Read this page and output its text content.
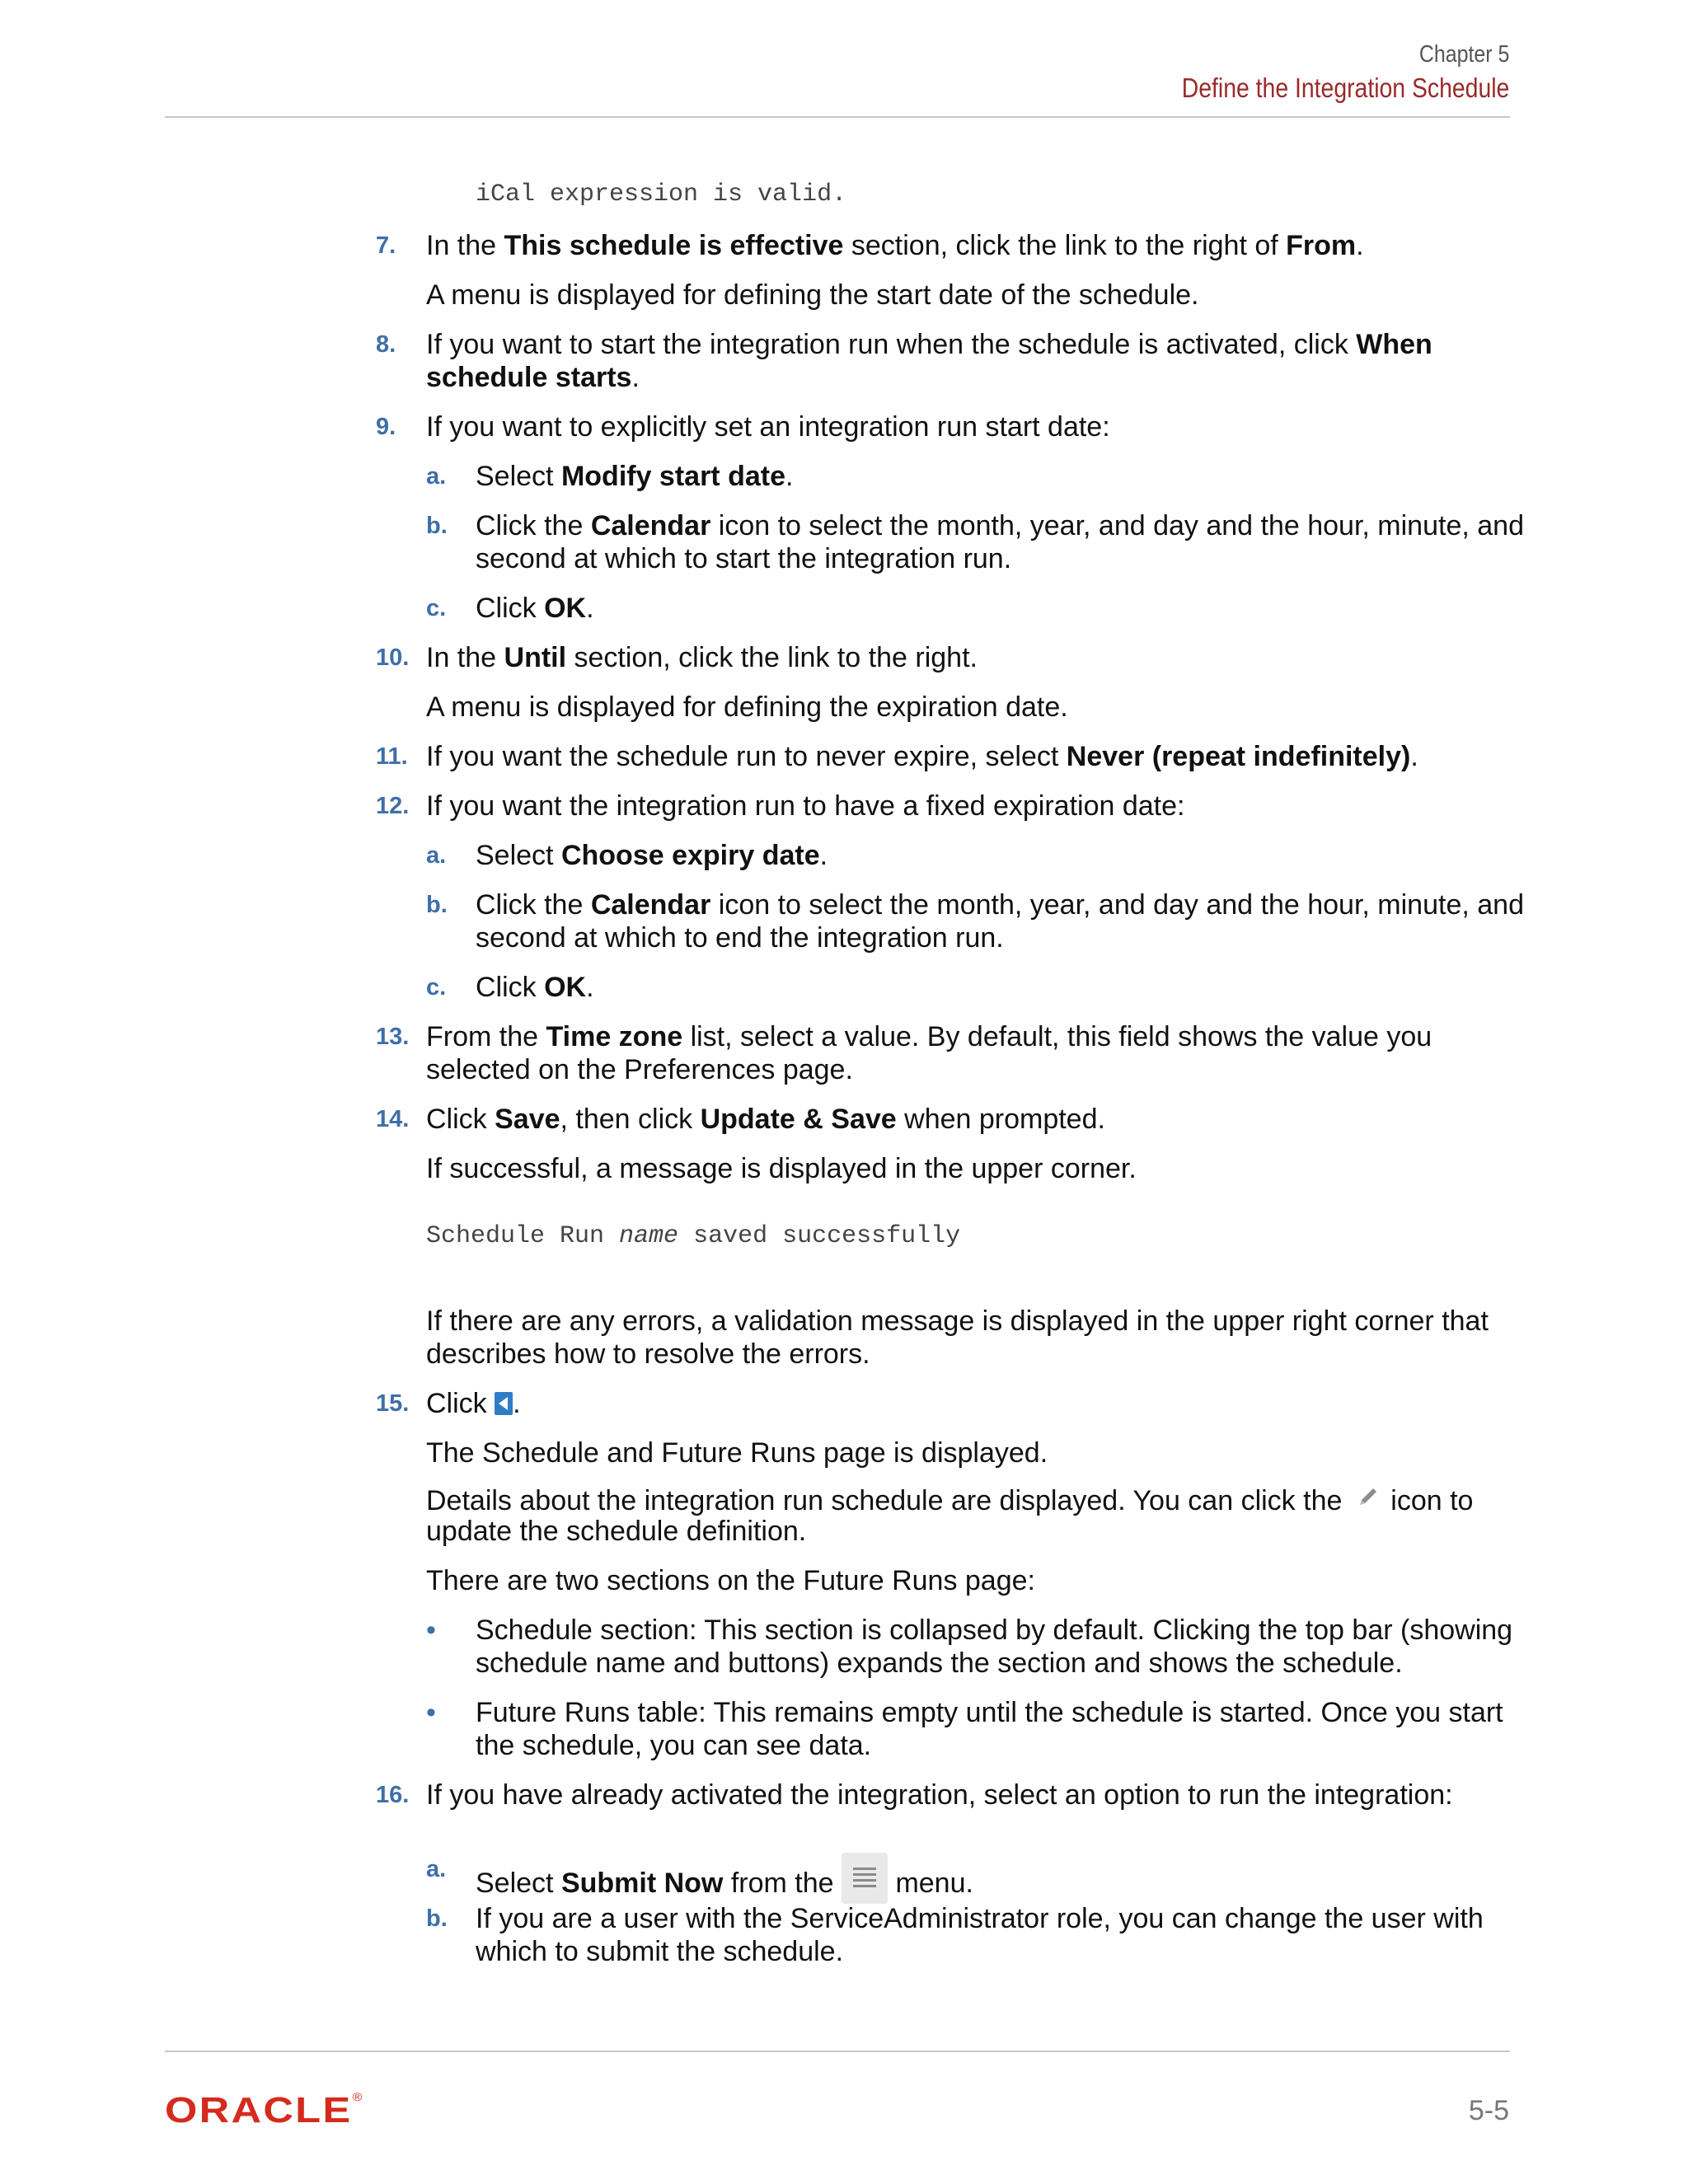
Chapter 5
Define the Integration Schedule
iCal expression is valid.
7. In the This schedule is effective section, click the link to the right of From.
A menu is displayed for defining the start date of the schedule.
8. If you want to start the integration run when the schedule is activated, click When
schedule starts.
9. If you want to explicitly set an integration run start date:
a. Select Modify start date.
b. Click the Calendar icon to select the month, year, and day and the hour, minute, and
second at which to start the integration run.
c. Click OK.
10. In the Until section, click the link to the right.
A menu is displayed for defining the expiration date.
11. If you want the schedule run to never expire, select Never (repeat indefinitely).
12. If you want the integration run to have a fixed expiration date:
a. Select Choose expiry date.
b. Click the Calendar icon to select the month, year, and day and the hour, minute, and
second at which to end the integration run.
c. Click OK.
13. From the Time zone list, select a value. By default, this field shows the value you
selected on the Preferences page.
14. Click Save, then click Update & Save when prompted.
If successful, a message is displayed in the upper corner.
Schedule Run name saved successfully
If there are any errors, a validation message is displayed in the upper right corner that
describes how to resolve the errors.
15. Click .
The Schedule and Future Runs page is displayed.
Details about the integration run schedule are displayed. You can click the  icon to
update the schedule definition.
There are two sections on the Future Runs page:
• Schedule section: This section is collapsed by default. Clicking the top bar (showing
schedule name and buttons) expands the section and shows the schedule.
• Future Runs table: This remains empty until the schedule is started. Once you start
the schedule, you can see data.
16. If you have already activated the integration, select an option to run the integration:
a. Select Submit Now from the
menu.
b. If you are a user with the ServiceAdministrator role, you can change the user with
which to submit the schedule.
ORACLE®	5-5
